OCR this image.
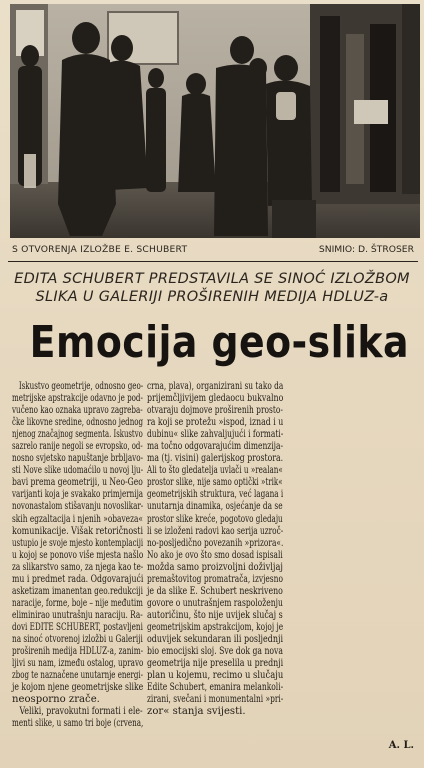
S OTVORENJA IZLOŽBE E. SCHUBERT	SNIMIO: D. ŠTROSER
EDITA SCHUBERT PREDSTAVILA SE SINOĆ IZLOŽBOM
SLIKA U GALERIJI PROŠIRENIH MEDIJA HDLUZ-a
Emocija geo-slika
Iskustvo geometrije, odnosno geo-
metrijske apstrakcije odavno je pod-
vučeno kao oznaka upravo zagreba-
čke likovne sredine, odnosno jednog
njenog značajnog segmenta. Iskustvo
sazrelo ranije negoli se evropsko, od-
nosno svjetsko napuštanje brbljavo-
sti Nove slike udomaćilo u novoj lju-
bavi prema geometriji, u Neo-Geo
varijanti koja je svakako primjernija
novonastalom stišavanju novoslikar-
skih egzaltacija i njenih »obaveza«
komunikacije. Višak retoričnosti
ustupio je svoje mjesto kontemplaciji
u kojoj se ponovo više mjesta našlo
za slikarstvo samo, za njega kao te-
mu i predmet rada. Odgovarajući
asketizam imanentan geo.redukciji
naracije, forme, boje – nije međutim
eliminirao unutrašnju naraciju. Ra-
dovi EDITE SCHUBERT, postavljeni
na sinoć otvorenoj izložbi u Galeriji
proširenih medija HDLUZ-a, zanim-
ljivi su nam, između ostalog, upravo
zbog te naznačene unutarnje energi-
je kojom njene geometrijske slike
neosporno zrače.
Veliki, pravokutni formati i ele-
menti slike, u samo tri boje (crvena,
crna, plava), organizirani su tako da
prijemčljivijem gledaocu bukvalno
otvaraju dojmove proširenih prosto-
ra koji se protežu »ispod, iznad i u
dubinu« slike zahvaljujući i formati-
ma točno odgovarajućim dimenzija-
ma (tj. visini) galerijskog prostora.
Ali to što gledatelja uvlači u »realan«
prostor slike, nije samo optički »trik«
geometrijskih struktura, već lagana i
unutarnja dinamika, osjećanje da se
prostor slike kreće, pogotovo gledaju
li se izloženi radovi kao serija uzroč-
no-posljedično povezanih »prizora«.
No ako je ovo što smo dosad ispisali
možda samo proizvoljni doživljaj
premaštovitog promatrača, izvjesno
je da slike E. Schubert neskriveno
govore o unutrašnjem raspoloženju
autoričinu, što nije uvijek slučaj s
geometrijskim apstrakcijom, kojoj je
oduvijek sekundaran ili posljednji
bio emocijski sloj. Sve dok ga nova
geometrija nije preselila u prednji
plan u kojemu, recimo u slučaju
Edite Schubert, emanira melankoli-
zirani, svečani i monumentalni »pri-
zor« stanja svijesti.
A. L.
